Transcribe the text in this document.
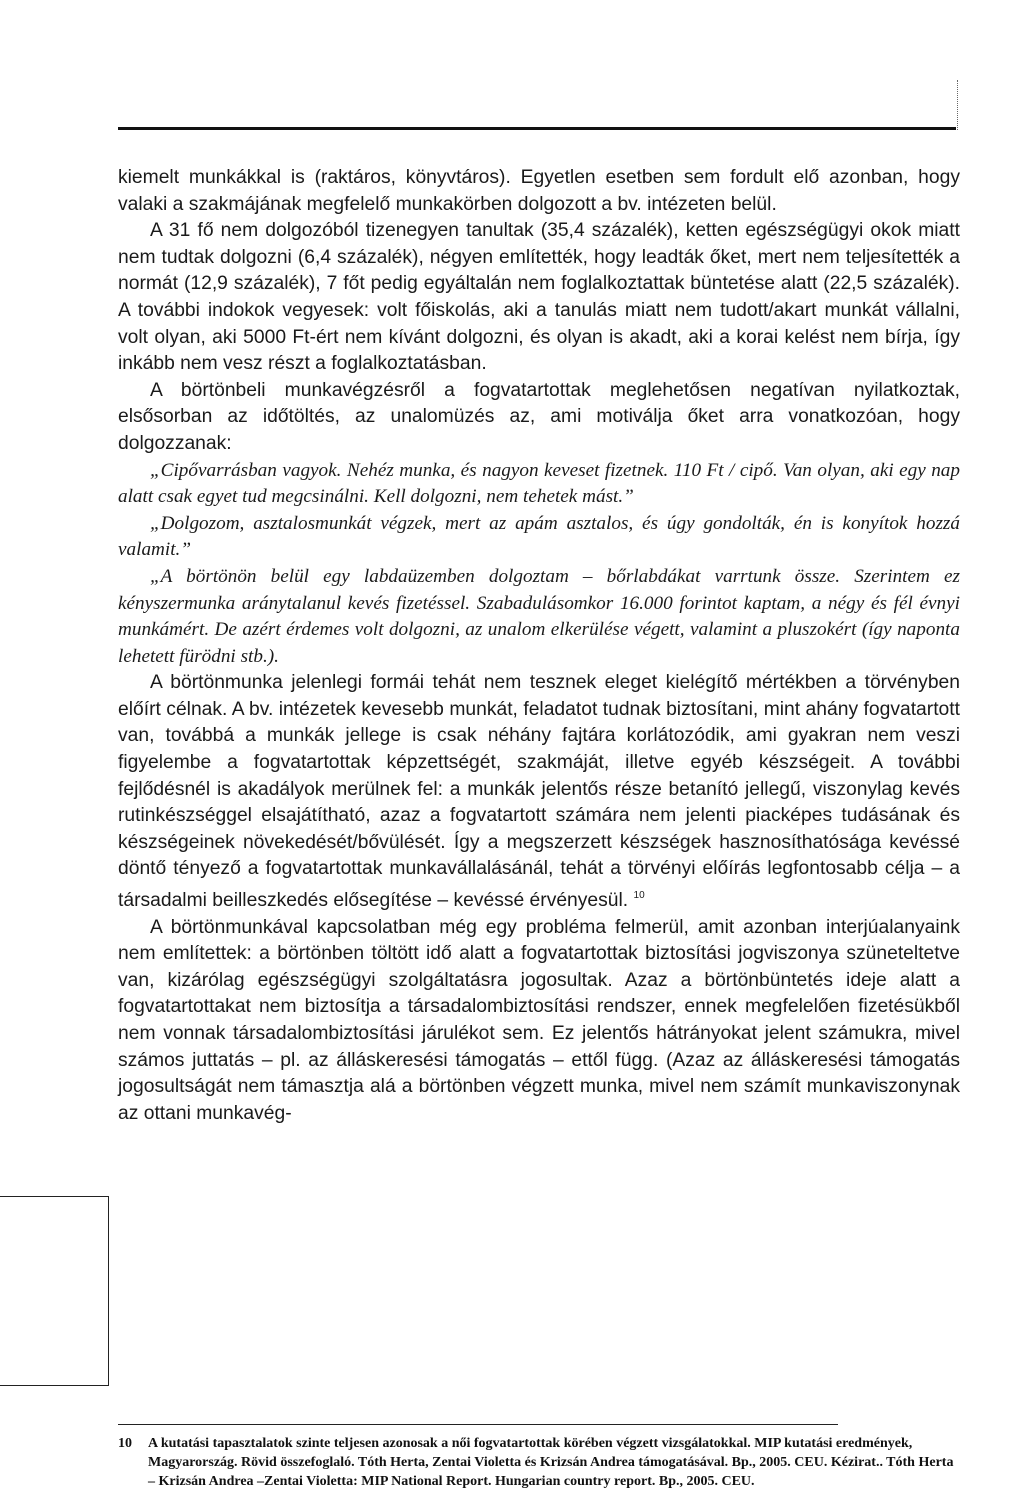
kiemelt munkákkal is (raktáros, könyvtáros). Egyetlen esetben sem fordult elő azonban, hogy valaki a szakmájának megfelelő munkakörben dolgozott a bv. intézeten belül.

A 31 fő nem dolgozóból tizenegyen tanultak (35,4 százalék), ketten egészségügyi okok miatt nem tudtak dolgozni (6,4 százalék), négyen említették, hogy leadták őket, mert nem teljesítették a normát (12,9 százalék), 7 főt pedig egyáltalán nem foglalkoztattak büntetése alatt (22,5 százalék). A további indokok vegyesek: volt főiskolás, aki a tanulás miatt nem tudott/akart munkát vállalni, volt olyan, aki 5000 Ft-ért nem kívánt dolgozni, és olyan is akadt, aki a korai kelést nem bírja, így inkább nem vesz részt a foglalkoztatásban.

A börtönbeli munkavégzésről a fogvatartottak meglehetősen negatívan nyilatkoztak, elsősorban az időtöltés, az unalomüzés az, ami motiválja őket arra vonatkozóan, hogy dolgozzanak:

„Cipővarrásban vagyok. Nehéz munka, és nagyon keveset fizetnek. 110 Ft / cipő. Van olyan, aki egy nap alatt csak egyet tud megcsinálni. Kell dolgozni, nem tehetek mást.”

„Dolgozom, asztalosmunkát végzek, mert az apám asztalos, és úgy gondolták, én is konyítok hozzá valamit.”

„A börtönön belül egy labdaüzemben dolgoztam – bőrlabdákat varrtunk össze. Szerintem ez kényszermunka aránytalanul kevés fizetéssel. Szabadulásomkor 16.000 forintot kaptam, a négy és fél évnyi munkámért. De azért érdemes volt dolgozni, az unalom elkerülése végett, valamint a pluszokért (így naponta lehetett fürödni stb.).

A börtönmunka jelenlegi formái tehát nem tesznek eleget kielégítő mértékben a törvényben előírt célnak. A bv. intézetek kevesebb munkát, feladatot tudnak biztosítani, mint ahány fogvatartott van, továbbá a munkák jellege is csak néhány fajtára korlátozódik, ami gyakran nem veszi figyelembe a fogvatartottak képzettségét, szakmáját, illetve egyéb készségeit. A további fejlődésnél is akadályok merülnek fel: a munkák jelentős része betanító jellegű, viszonylag kevés rutinkészséggel elsajátítható, azaz a fogvatartott számára nem jelenti piacképes tudásának és készségeinek növekedését/bővülését. Így a megszerzett készségek hasznosíthatósága kevéssé döntő tényező a fogvatartottak munkavállalásánál, tehát a törvényi előírás legfontosabb célja – a társadalmi beilleszkedés elősegítése – kevéssé érvényesül. $^{10}$

A börtönmunkával kapcsolatban még egy probléma felmerül, amit azonban interjúalanyaink nem említettek: a börtönben töltött idő alatt a fogvatartottak biztosítási jogviszonya szüneteltetve van, kizárólag egészségügyi szolgáltatásra jogosultak. Azaz a börtönbüntetés ideje alatt a fogvatartottakat nem biztosítja a társadalombiztosítási rendszer, ennek megfelelően fizetésükből nem vonnak társadalombiztosítási járulékot sem. Ez jelentős hátrányokat jelent számukra, mivel számos juttatás – pl. az álláskeresési támogatás – ettől függ. (Azaz az álláskeresési támogatás jogosultságát nem támasztja alá a börtönben végzett munka, mivel nem számít munkaviszonynak az ottani munkavég-

10	A kutatási tapasztalatok szinte teljesen azonosak a női fogvatartottak körében végzett vizsgálatokkal. MIP kutatási eredmények, Magyarország. Rövid összefoglaló. Tóth Herta, Zentai Violetta és Krizsán Andrea támogatásával. Bp., 2005. CEU. Kézirat.. Tóth Herta – Krizsán Andrea –Zentai Violetta: MIP National Report. Hungarian country report. Bp., 2005. CEU.
